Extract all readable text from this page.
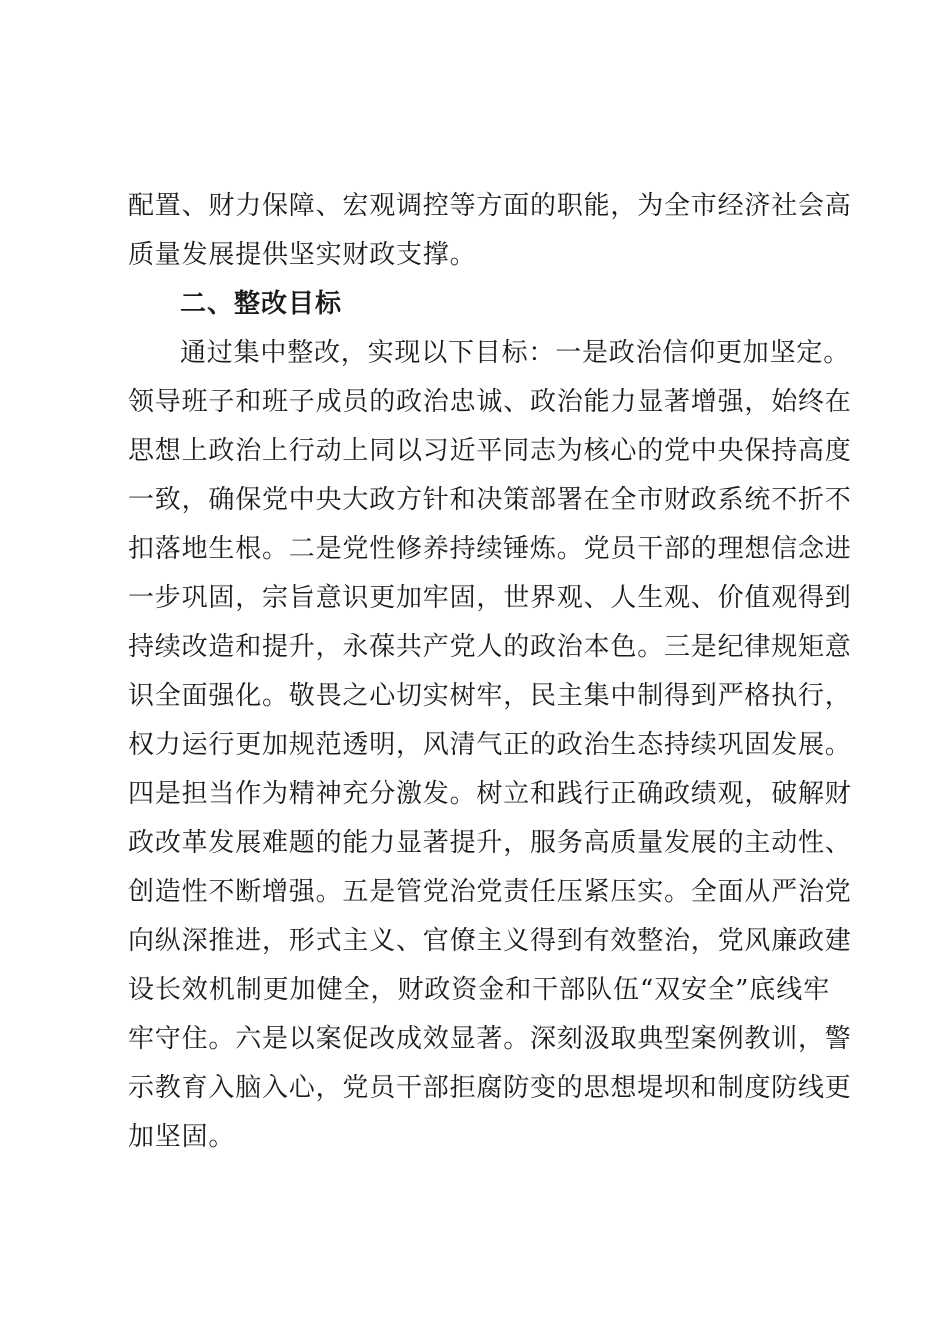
配置、财力保障、宏观调控等方面的职能，为全市经济社会高
质量发展提供坚实财政支撑。
二、整改目标
通过集中整改，实现以下目标：一是政治信仰更加坚定。
领导班子和班子成员的政治忠诚、政治能力显著增强，始终在
思想上政治上行动上同以习近平同志为核心的党中央保持高度
一致，确保党中央大政方针和决策部署在全市财政系统不折不
扣落地生根。二是党性修养持续锤炼。党员干部的理想信念进
一步巩固，宗旨意识更加牢固，世界观、人生观、价值观得到
持续改造和提升，永葆共产党人的政治本色。三是纪律规矩意
识全面强化。敬畏之心切实树牢，民主集中制得到严格执行，
权力运行更加规范透明，风清气正的政治生态持续巩固发展。
四是担当作为精神充分激发。树立和践行正确政绩观，破解财
政改革发展难题的能力显著提升，服务高质量发展的主动性、
创造性不断增强。五是管党治党责任压紧压实。全面从严治党
向纵深推进，形式主义、官僚主义得到有效整治，党风廉政建
设长效机制更加健全，财政资金和干部队伍“双安全”底线牢
牢守住。六是以案促改成效显著。深刻汲取典型案例教训，警
示教育入脑入心，党员干部拒腐防变的思想堤坝和制度防线更
加坚固。
